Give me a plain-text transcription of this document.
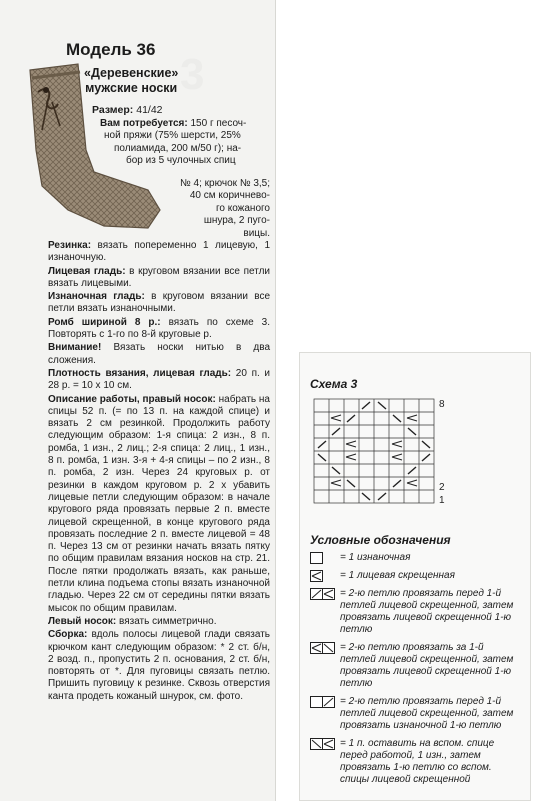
3
Модель 36
«Деревенские»
мужские носки
Размер: 41/42
Вам потребуется: 150 г песоч-
ной пряжи (75% шерсти, 25%
полиамида, 200 м/50 г); на-
бор из 5 чулочных спиц
№ 4; крючок № 3,5;
40 см коричнево-
го кожаного
шнура, 2 пуго-
вицы.

Резинка: вязать попеременно 1 лицевую, 1 изнаночную.

Лицевая гладь: в круговом вязании все петли вязать лицевыми.

Изнаночная гладь: в круговом вязании все петли вязать изнаночными.

Ромб шириной 8 р.: вязать по схеме 3. Повторять с 1-го по 8-й круговые р.

Внимание! Вязать носки нитью в два сложения.

Плотность вязания, лицевая гладь: 20 п. и 28 р. = 10 х 10 см.

Описание работы, правый носок: набрать на спицы 52 п. (= по 13 п. на каждой спице) и вязать 2 см резинкой. Продолжить работу следующим образом: 1-я спица: 2 изн., 8 п. ромба, 1 изн., 2 лиц.; 2-я спица: 2 лиц., 1 изн., 8 п. ромба, 1 изн. 3-я + 4-я спицы – по 2 изн., 8 п. ромба, 2 изн. Через 24 круговых р. от резинки в каждом круговом р. 2 х убавить лицевые петли следующим образом: в начале кругового ряда провязать первые 2 п. вместе лицевой скрещенной, в конце кругового ряда провязать последние 2 п. вместе лицевой = 48 п. Через 13 см от резинки начать вязать пятку по общим правилам вязания носков на стр. 21. После пятки продолжать вязать, как раньше, петли клина подъема стопы вязать изнаночной гладью. Через 22 см от середины пятки вязать мысок по общим правилам.

Левый носок: вязать симметрично.

Сборка: вдоль полосы лицевой глади связать крючком кант следующим образом: * 2 ст. б/н, 2 возд. п., пропустить 2 п. основания, 2 ст. б/н, повторять от *. Для пуговицы связать петлю. Пришить пуговицу к резинке. Сквозь отверстия канта продеть кожаный шнурок, см. фото.

Схема 3
8
2
1
Условные обозначения
= 1 изнаночная
= 1 лицевая скрещенная
= 2-ю петлю провязать перед 1-й петлей лицевой скрещенной, затем провязать лицевой скрещенной 1-ю петлю
= 2-ю петлю провязать за 1-й петлей лицевой скрещенной, затем провязать лицевой скрещенной 1-ю петлю
= 2-ю петлю провязать перед 1-й петлей лицевой скрещенной, затем провязать изнаночной 1-ю петлю
= 1 п. оставить на вспом. спице перед работой, 1 изн., затем провязать 1-ю петлю со вспом. спицы лицевой скрещенной
